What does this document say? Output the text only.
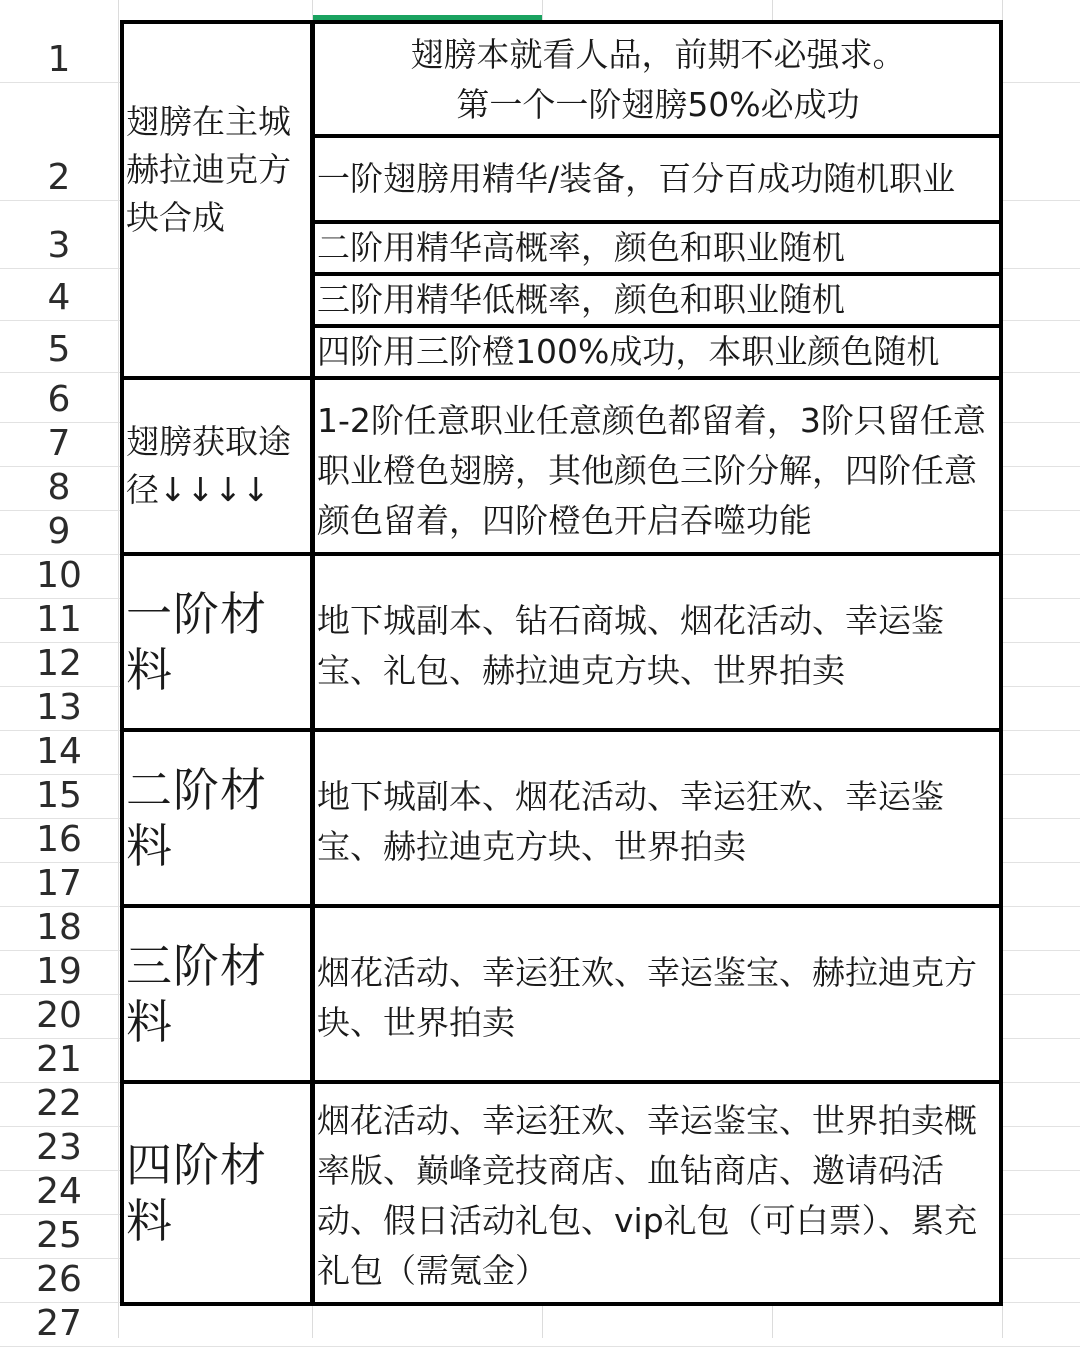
1
2
3
4
5
6
7
8
9
10
11
12
13
14
15
16
17
18
19
20
21
22
23
24
25
26
27
翅膀在主城赫拉迪克方块合成
翅膀本就看人品，前期不必强求。
第一个一阶翅膀50%必成功
一阶翅膀用精华/装备，百分百成功随机职业
二阶用精华高概率，颜色和职业随机
三阶用精华低概率，颜色和职业随机
四阶用三阶橙100%成功，本职业颜色随机
翅膀获取途径↓↓↓↓
1-2阶任意职业任意颜色都留着，3阶只留任意职业橙色翅膀，其他颜色三阶分解，四阶任意颜色留着，四阶橙色开启吞噬功能
一阶材料
地下城副本、钻石商城、烟花活动、幸运鉴宝、礼包、赫拉迪克方块、世界拍卖
二阶材料
地下城副本、烟花活动、幸运狂欢、幸运鉴宝、赫拉迪克方块、世界拍卖
三阶材料
烟花活动、幸运狂欢、幸运鉴宝、赫拉迪克方块、世界拍卖
四阶材料
烟花活动、幸运狂欢、幸运鉴宝、世界拍卖概率版、巅峰竞技商店、血钻商店、邀请码活动、假日活动礼包、vip礼包（可白票）、累充礼包（需氪金）
